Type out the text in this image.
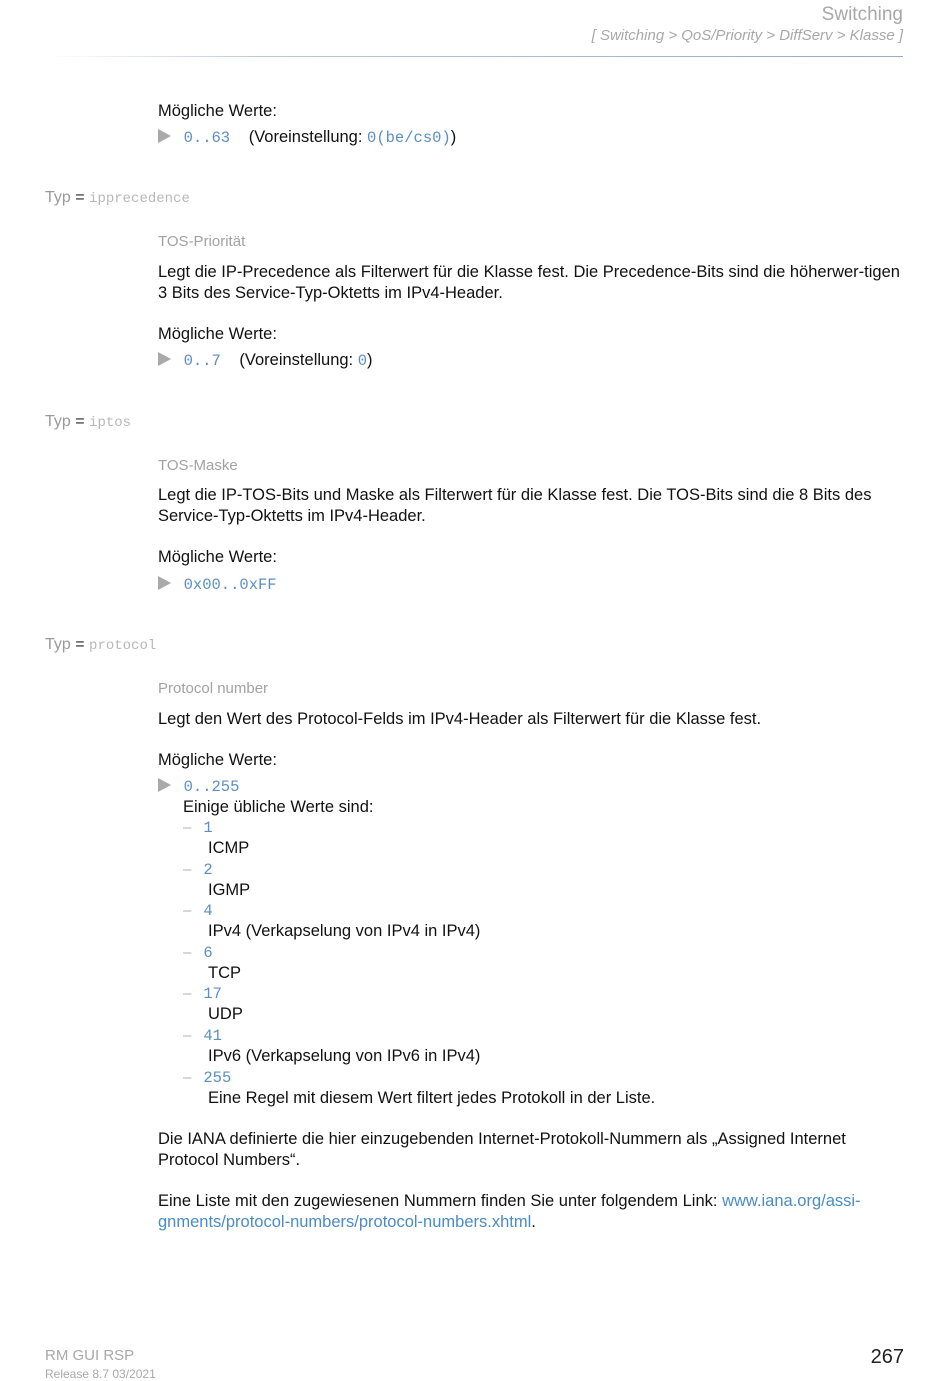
Switching
[ Switching > QoS/Priority > DiffServ > Klasse ]
Mögliche Werte:
0..63 (Voreinstellung: 0(be/cs0))
Typ = ipprecedence
TOS-Priorität
Legt die IP-Precedence als Filterwert für die Klasse fest. Die Precedence-Bits sind die höherwer-tigen 3 Bits des Service-Typ-Oktetts im IPv4-Header.
Mögliche Werte:
0..7 (Voreinstellung: 0)
Typ = iptos
TOS-Maske
Legt die IP-TOS-Bits und Maske als Filterwert für die Klasse fest. Die TOS-Bits sind die 8 Bits des Service-Typ-Oktetts im IPv4-Header.
Mögliche Werte:
0x00..0xFF
Typ = protocol
Protocol number
Legt den Wert des Protocol-Felds im IPv4-Header als Filterwert für die Klasse fest.
Mögliche Werte:
0..255
Einige übliche Werte sind:
– 1
ICMP
– 2
IGMP
– 4
IPv4 (Verkapselung von IPv4 in IPv4)
– 6
TCP
– 17
UDP
– 41
IPv6 (Verkapselung von IPv6 in IPv4)
– 255
Eine Regel mit diesem Wert filtert jedes Protokoll in der Liste.
Die IANA definierte die hier einzugebenden Internet-Protokoll-Nummern als „Assigned Internet Protocol Numbers“.
Eine Liste mit den zugewiesenen Nummern finden Sie unter folgendem Link: www.iana.org/assi-gnments/protocol-numbers/protocol-numbers.xhtml.
RM GUI RSP
Release 8.7 03/2021
267
